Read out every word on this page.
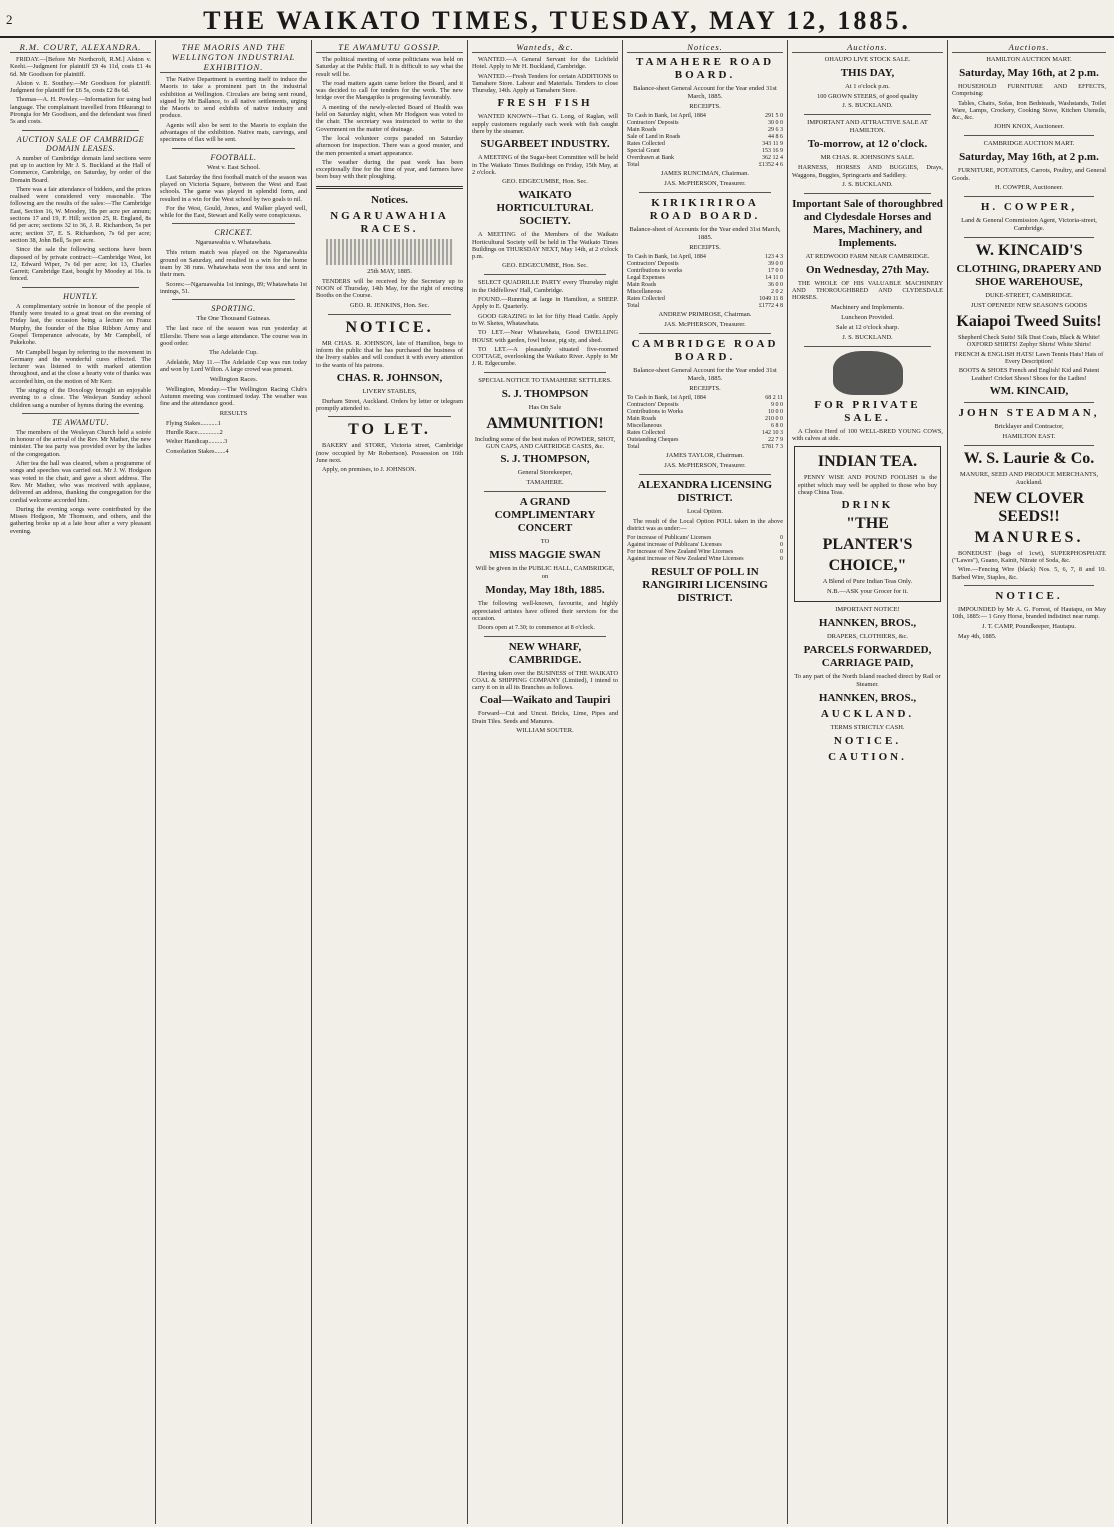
2	THE WAIKATO TIMES, TUESDAY, MAY 12, 1885.
R.M. COURT, ALEXANDRA.
FRIDAY.—[Before Mr Northcroft, R.M.] Alston v. Keehi.—Judgment for plaintiff £9 4s 11d, costs £1 4s 6d. Mr Goodison for plaintiff.
Alston v. E. Southey.—Mr Goodison for plaintiff. Judgment for plaintiff for £6 5s, costs £2 8s 6d.
Thomas—A. H. Powley.—Information for using bad language. The complainant travelled from Hikurangi to Pirongia for Mr Goodison, and the defendant was fined 5s and costs.
AUCTION SALE OF CAMBRIDGE DOMAIN LEASES.
A number of Cambridge domain land sections were put up to auction by Mr J. S. Buckland at the Hall of Commerce, Cambridge, on Saturday, by order of the Domain Board.
There was a fair attendance of bidders, and the prices realised were considered very reasonable. The following are the results of the sales:—The Cambridge East, Section 16, W. Moodey, 18s per acre per annum; sections 17 and 19, F. Hill; section 25, R. England, 8s 6d per acre; sections 32 to 36, J. R. Richardson, 5s per acre; section 37, E. S. Richardson, 7s 6d per acre; section 38, John Bell, 5s per acre.
Since the sale the following sections have been disposed of by private contract:—Cambridge West, lot 12, Edward Wiper, 7s 6d per acre; lot 13, Charles Garrett; Cambridge East, bought by Moodey at 16s. is fenced.
HUNTLY.
A complimentary soirée in honour of the people of Huntly were treated to a great treat on the evening of Friday last, the occasion being a lecture on Franz Murphy, the founder of the Blue Ribbon Army and Gospel Temperance advocate, by Mr Campbell, of Pukekohe.
Mr Campbell began by referring to the movement in Germany and the wonderful cures effected. The lecturer was listened to with marked attention throughout, and at the close a hearty vote of thanks was accorded him, on the motion of Mr Kerr.
The singing of the Doxology brought an enjoyable evening to a close. The Wesleyan Sunday school children sang a number of hymns during the evening.
TE AWAMUTU.
The members of the Wesleyan Church held a soirée in honour of the arrival of the Rev. Mr Mather, the new minister. The tea party was provided over by the ladies of the congregation.
After tea the hall was cleared, when a programme of songs and speeches was carried out. Mr J. W. Hodgson was voted to the chair, and gave a short address. The Rev. Mr Mather, who was received with applause, delivered an address, thanking the congregation for the cordial welcome accorded him.
During the evening songs were contributed by the Misses Hodgson, Mr Thomson, and others, and the gathering broke up at a late hour after a very pleasant evening.
THE MAORIS AND THE WELLINGTON INDUSTRIAL EXHIBITION.
The Native Department is exerting itself to induce the Maoris to take a prominent part in the industrial exhibition at Wellington. Circulars are being sent round, signed by Mr Ballance, to all native settlements, urging the Maoris to send exhibits of native industry and produce.
Agents will also be sent to the Maoris to explain the advantages of the exhibition. Native mats, carvings, and specimens of flax will be sent.
FOOTBALL.
West v. East School.
Last Saturday the first football match of the season was played on Victoria Square, between the West and East schools. The game was played in splendid form, and resulted in a win for the West school by two goals to nil.
For the West, Gould, Jones, and Walker played well, while for the East, Stewart and Kelly were conspicuous.
CRICKET.
Ngaruawahia v. Whatawhata.
This return match was played on the Ngaruawahia ground on Saturday, and resulted in a win for the home team by 38 runs. Whatawhata won the toss and sent in their men.
Scores:—Ngaruawahia 1st innings, 89; Whatawhata 1st innings, 51.
SPORTING.
The One Thousand Guineas.
The last race of the season was run yesterday at Ellerslie. There was a large attendance. The course was in good order.
The Adelaide Cup.
Adelaide, May 11.—The Adelaide Cup was run today and won by Lord Wilton. A large crowd was present.
Wellington Races.
Wellington, Monday.—The Wellington Racing Club's Autumn meeting was continued today. The weather was fine and the attendance good.
RESULTS
Flying Stakes...........1
Hurdle Race..............2
Welter Handicap..........3
Consolation Stakes.......4
TE AWAMUTU GOSSIP.
The political meeting of some politicians was held on Saturday at the Public Hall. It is difficult to say what the result will be.
The road matters again came before the Board, and it was decided to call for tenders for the work. The new bridge over the Mangapiko is progressing favourably.
A meeting of the newly-elected Board of Health was held on Saturday night, when Mr Hodgson was voted to the chair. The secretary was instructed to write to the Government on the matter of drainage.
The local volunteer corps paraded on Saturday afternoon for inspection. There was a good muster, and the men presented a smart appearance.
The weather during the past week has been exceptionally fine for the time of year, and farmers have been busy with their ploughing.
Notices.
NGARUAWAHIA RACES.
25th MAY, 1885.
TENDERS will be received by the Secretary up to NOON of Thursday, 14th May, for the right of erecting Booths on the Course.
GEO. R. JENKINS, Hon. Sec.
NOTICE.
MR CHAS. R. JOHNSON, late of Hamilton, begs to inform the public that he has purchased the business of the livery stables and will conduct it with every attention to the wants of his patrons.
CHAS. R. JOHNSON,
LIVERY STABLES,
Durham Street, Auckland. Orders by letter or telegram promptly attended to.
TO LET.
BAKERY and STORE, Victoria street, Cambridge (now occupied by Mr Robertson). Possession on 16th June next.
Apply, on premises, to J. JOHNSON.
Wanteds, &c.
WANTED.—A General Servant for the Lichfield Hotel. Apply to Mr H. Buckland, Cambridge.
WANTED.—Fresh Tenders for certain ADDITIONS to Tamahere Store. Labour and Materials. Tenders to close Thursday, 14th. Apply at Tamahere Store.
FRESH FISH
WANTED KNOWN—That G. Long, of Raglan, will supply customers regularly each week with fish caught there by the steamer.
SUGARBEET INDUSTRY.
A MEETING of the Sugar-beet Committee will be held in The Waikato Times Buildings on Friday, 15th May, at 2 o'clock.
GEO. EDGECUMBE, Hon. Sec.
WAIKATO HORTICULTURAL SOCIETY.
A MEETING of the Members of the Waikato Horticultural Society will be held in The Waikato Times Buildings on THURSDAY NEXT, May 14th, at 2 o'clock p.m.
GEO. EDGECUMBE, Hon. Sec.
SELECT QUADRILLE PARTY every Thursday night in the Oddfellows' Hall, Cambridge.
FOUND.—Running at large in Hamilton, a SHEEP. Apply to E. Quarterly.
GOOD GRAZING to let for fifty Head Cattle. Apply to W. Sketes, Whatawhata.
TO LET.—Near Whatawhata, Good DWELLING HOUSE with garden, fowl house, pig sty, and shed.
TO LET.—A pleasantly situated five-roomed COTTAGE, overlooking the Waikato River. Apply to Mr J. R. Edgecumbe.
SPECIAL NOTICE TO TAMAHERE SETTLERS.
S. J. THOMPSON
Has On Sale
AMMUNITION!
Including some of the best makes of POWDER, SHOT, GUN CAPS, AND CARTRIDGE CASES, &c.
S. J. THOMPSON,
General Storekeeper,
TAMAHERE.
A GRAND COMPLIMENTARY CONCERT
TO
MISS MAGGIE SWAN
Will be given in the PUBLIC HALL, CAMBRIDGE, on
Monday, May 18th, 1885.
The following well-known, favourite, and highly appreciated artistes have offered their services for the occasion.
Doors open at 7.30; to commence at 8 o'clock.
NEW WHARF, CAMBRIDGE.
Having taken over the BUSINESS of THE WAIKATO COAL & SHIPPING COMPANY (Limited), I intend to carry it on in all its Branches as follows.
Coal—Waikato and Taupiri
Forward—Cut and Uncut. Bricks, Lime, Pipes and Drain Tiles. Seeds and Manures.
WILLIAM SOUTER.
Notices.
TAMAHERE ROAD BOARD.
Balance-sheet General Account for the Year ended 31st March, 1885.
RECEIPTS.
To Cash in Bank, 1st April, 1884	291 5 0
Contractors' Deposits	30 0 0
Main Roads	29 6 3
Sale of Land in Roads	44 8 6
Rates Collected	343 11 9
Special Grant	153 16 9
Overdrawn at Bank	362 12 4
Total	£1352 4 6
JAMES RUNCIMAN, Chairman.
JAS. McPHERSON, Treasurer.
KIRIKIRIROA ROAD BOARD.
Balance-sheet of Accounts for the Year ended 31st March, 1885.
RECEIPTS.
To Cash in Bank, 1st April, 1884	123 4 3
Contractors' Deposits	39 0 0
Contributions to works	17 0 0
Legal Expenses	14 11 0
Main Roads	36 0 0
Miscellaneous	2 0 2
Rates Collected	1049 11 8
Total	£1772 4 8
ANDREW PRIMROSE, Chairman.
JAS. McPHERSON, Treasurer.
CAMBRIDGE ROAD BOARD.
Balance-sheet General Account for the Year ended 31st March, 1885.
RECEIPTS.
To Cash in Bank, 1st April, 1884	68 2 11
Contractors' Deposits	9 0 0
Contributions to Works	10 0 0
Main Roads	210 0 0
Miscellaneous	6 8 0
Rates Collected	142 10 3
Outstanding Cheques	22 7 9
Total	£781 7 3
JAMES TAYLOR, Chairman.
JAS. McPHERSON, Treasurer.
ALEXANDRA LICENSING DISTRICT.
Local Option.
The result of the Local Option POLL taken in the above district was as under:—
For increase of Publicans' Licenses	0
Against increase of Publicans' Licenses	0
For increase of New Zealand Wine Licenses	0
Against increase of New Zealand Wine Licenses	0
RESULT OF POLL IN RANGIRIRI LICENSING DISTRICT.
Auctions.
OHAUPO LIVE STOCK SALE.
THIS DAY,
At 1 o'clock p.m.
100 GROWN STEERS, of good quality
J. S. BUCKLAND.
IMPORTANT AND ATTRACTIVE SALE AT HAMILTON.
To-morrow, at 12 o'clock.
MR CHAS. R. JOHNSON'S SALE.
HARNESS, HORSES AND BUGGIES, Drays, Waggons, Buggies, Springcarts and Saddlery.
J. S. BUCKLAND.
Important Sale of thoroughbred and Clydesdale Horses and Mares, Machinery, and Implements.
AT REDWOOD FARM NEAR CAMBRIDGE.
On Wednesday, 27th May.
THE WHOLE OF HIS VALUABLE MACHINERY AND THOROUGHBRED AND CLYDESDALE HORSES.
Machinery and Implements.
Luncheon Provided.
Sale at 12 o'clock sharp.
J. S. BUCKLAND.
FOR PRIVATE SALE.
A Choice Herd of 100 WELL-BRED YOUNG COWS, with calves at side.
INDIAN TEA.
PENNY WISE AND POUND FOOLISH is the epithet which may well be applied to those who buy cheap China Teas.
DRINK
"THE
PLANTER'S
CHOICE,"
A Blend of Pure Indian Teas Only.
N.B.—ASK your Grocer for it.
IMPORTANT NOTICE!
HANNKEN, BROS.,
DRAPERS, CLOTHIERS, &c.
PARCELS FORWARDED, CARRIAGE PAID,
To any part of the North Island reached direct by Rail or Steamer.
HANNKEN, BROS.,
AUCKLAND.
TERMS STRICTLY CASH.
NOTICE.
CAUTION.
Auctions.
HAMILTON AUCTION MART.
Saturday, May 16th, at 2 p.m.
HOUSEHOLD FURNITURE AND EFFECTS, Comprising:
Tables, Chairs, Sofas, Iron Bedsteads, Washstands, Toilet Ware, Lamps, Crockery, Cooking Stove, Kitchen Utensils, &c., &c.
JOHN KNOX, Auctioneer.
CAMBRIDGE AUCTION MART.
Saturday, May 16th, at 2 p.m.
FURNITURE, POTATOES, Carrots, Poultry, and General Goods.
H. COWPER, Auctioneer.
H. COWPER,
Land & General Commission Agent, Victoria-street, Cambridge.
W. KINCAID'S
CLOTHING, DRAPERY AND SHOE WAREHOUSE,
DUKE-STREET, CAMBRIDGE.
JUST OPENED! NEW SEASON'S GOODS
Kaiapoi Tweed Suits!
Shepherd Check Suits! Silk Dust Coats, Black & White! OXFORD SHIRTS! Zephyr Shirts! White Shirts!
FRENCH & ENGLISH HATS! Lawn Tennis Hats! Hats of Every Description!
BOOTS & SHOES French and English! Kid and Patent Leather! Cricket Shoes! Shoes for the Ladies!
WM. KINCAID,
JOHN STEADMAN,
Bricklayer and Contractor,
HAMILTON EAST.
W. S. Laurie & Co.
MANURE, SEED AND PRODUCE MERCHANTS, Auckland.
NEW CLOVER SEEDS!!
MANURES.
BONEDUST (bags of 1cwt), SUPERPHOSPHATE ("Lawes"), Guano, Kainit, Nitrate of Soda, &c.
Wire.—Fencing Wire (black) Nos. 5, 6, 7, 8 and 10. Barbed Wire, Staples, &c.
NOTICE.
IMPOUNDED by Mr A. G. Forrest, of Hautapu, on May 10th, 1885:— 1 Grey Horse, branded indistinct near rump.
J. T. CAMP, Poundkeeper, Hautapu.
May 4th, 1885.
